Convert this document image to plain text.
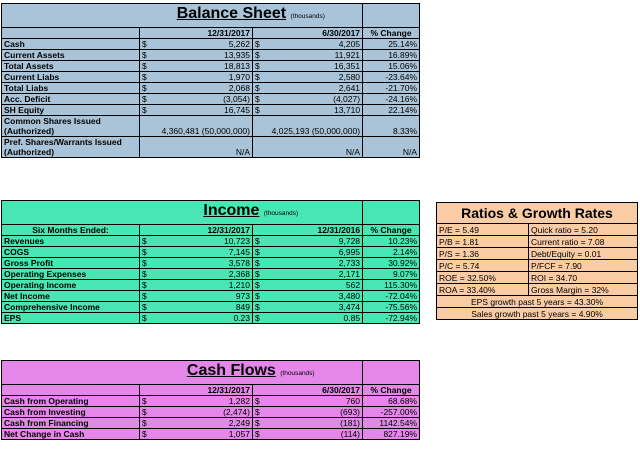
	Balance Sheet (thousands)				
	12/31/2017		6/30/2017		% Change
Cash	$	5,262	$	4,205	25.14%
Current Assets	$	13,935	$	11,921	16.89%
Total Assets	$	18,813	$	16,351	15.06%
Current Liabs	$	1,970	$	2,580	-23.64%
Total Liabs	$	2,068	$	2,641	-21.70%
Acc. Deficit	$	(3,054)	$	(4,027)	-24.16%
SH Equity	$	16,745	$	13,710	22.14%
Common Shares Issued (Authorized)	4,360,481 (50,000,000)		4,025,193 (50,000,000)		8.33%
Pref. Shares/Warrants Issued (Authorized)	N/A		N/A		N/A
	Income (thousands)				
Six Months Ended:	12/31/2017		12/31/2016		% Change
Revenues	$	10,723	$	9,728	10.23%
COGS	$	7,145	$	6,995	2.14%
Gross Profit	$	3,578	$	2,733	30.92%
Operating Expenses	$	2,368	$	2,171	9.07%
Operating Income	$	1,210	$	562	115.30%
Net Income	$	973	$	3,480	-72.04%
Comprehensive Income	$	849	$	3,474	-75.56%
EPS	$	0.23	$	0.85	-72.94%
Ratios & Growth Rates	
P/E = 5.49	Quick ratio = 5.20
P/B = 1.81	Current ratio = 7.08
P/S = 1.36	Debt/Equity = 0.01
P/C = 5.74	P/FCF = 7.90
ROE = 32.50%	ROI = 34.70
ROA = 33.40%	Gross Margin = 32%
EPS growth past 5 years = 43.30%	
Sales growth past 5 years = 4.90%	
	Cash Flows (thousands)				
	12/31/2017		6/30/2017		% Change
Cash from Operating	$	1,282	$	760	68.68%
Cash from Investing	$	(2,474)	$	(693)	-257.00%
Cash from Financing	$	2,249	$	(181)	1142.54%
Net Change in Cash	$	1,057	$	(114)	827.19%
